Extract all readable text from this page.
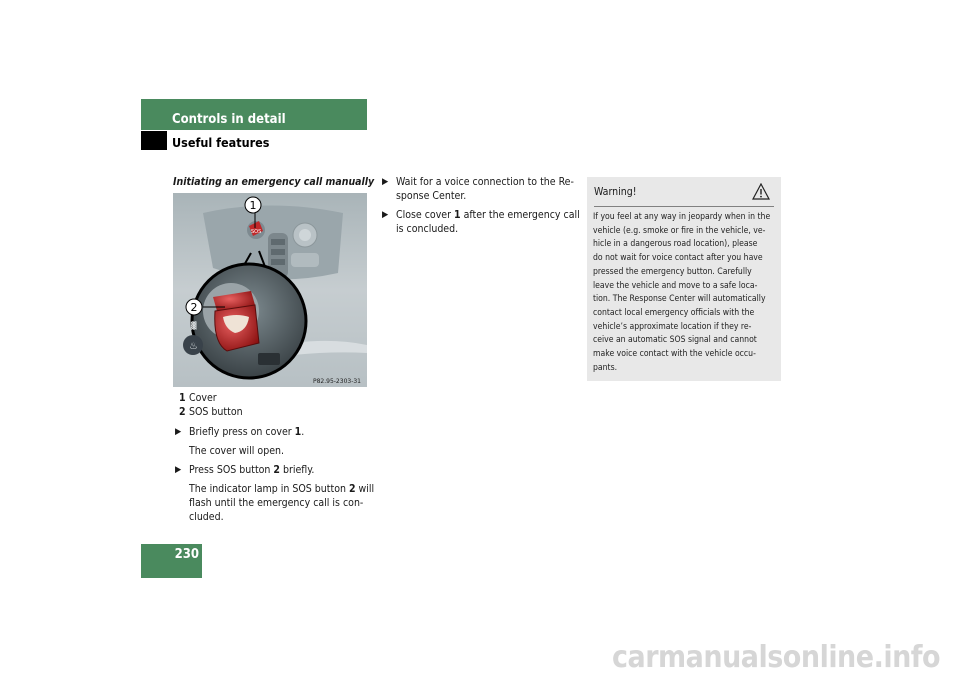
Controls in detail
Useful features
230
Initiating an emergency call manually
♨
▓
1
2
SOS
P82.95-2303-31
1 Cover
2 SOS button
▶ Briefly press on cover 1.
The cover will open.
▶ Press SOS button 2 briefly.
The indicator lamp in SOS button 2 will
flash until the emergency call is con-
cluded.
▶ Wait for a voice connection to the Re-
sponse Center.
▶ Close cover 1 after the emergency call
is concluded.
Warning!
If you feel at any way in jeopardy when in the
vehicle (e.g. smoke or fire in the vehicle, ve-
hicle in a dangerous road location), please
do not wait for voice contact after you have
pressed the emergency button. Carefully
leave the vehicle and move to a safe loca-
tion. The Response Center will automatically
contact local emergency officials with the
vehicle’s approximate location if they re-
ceive an automatic SOS signal and cannot
make voice contact with the vehicle occu-
pants.
carmanualsonline.info
